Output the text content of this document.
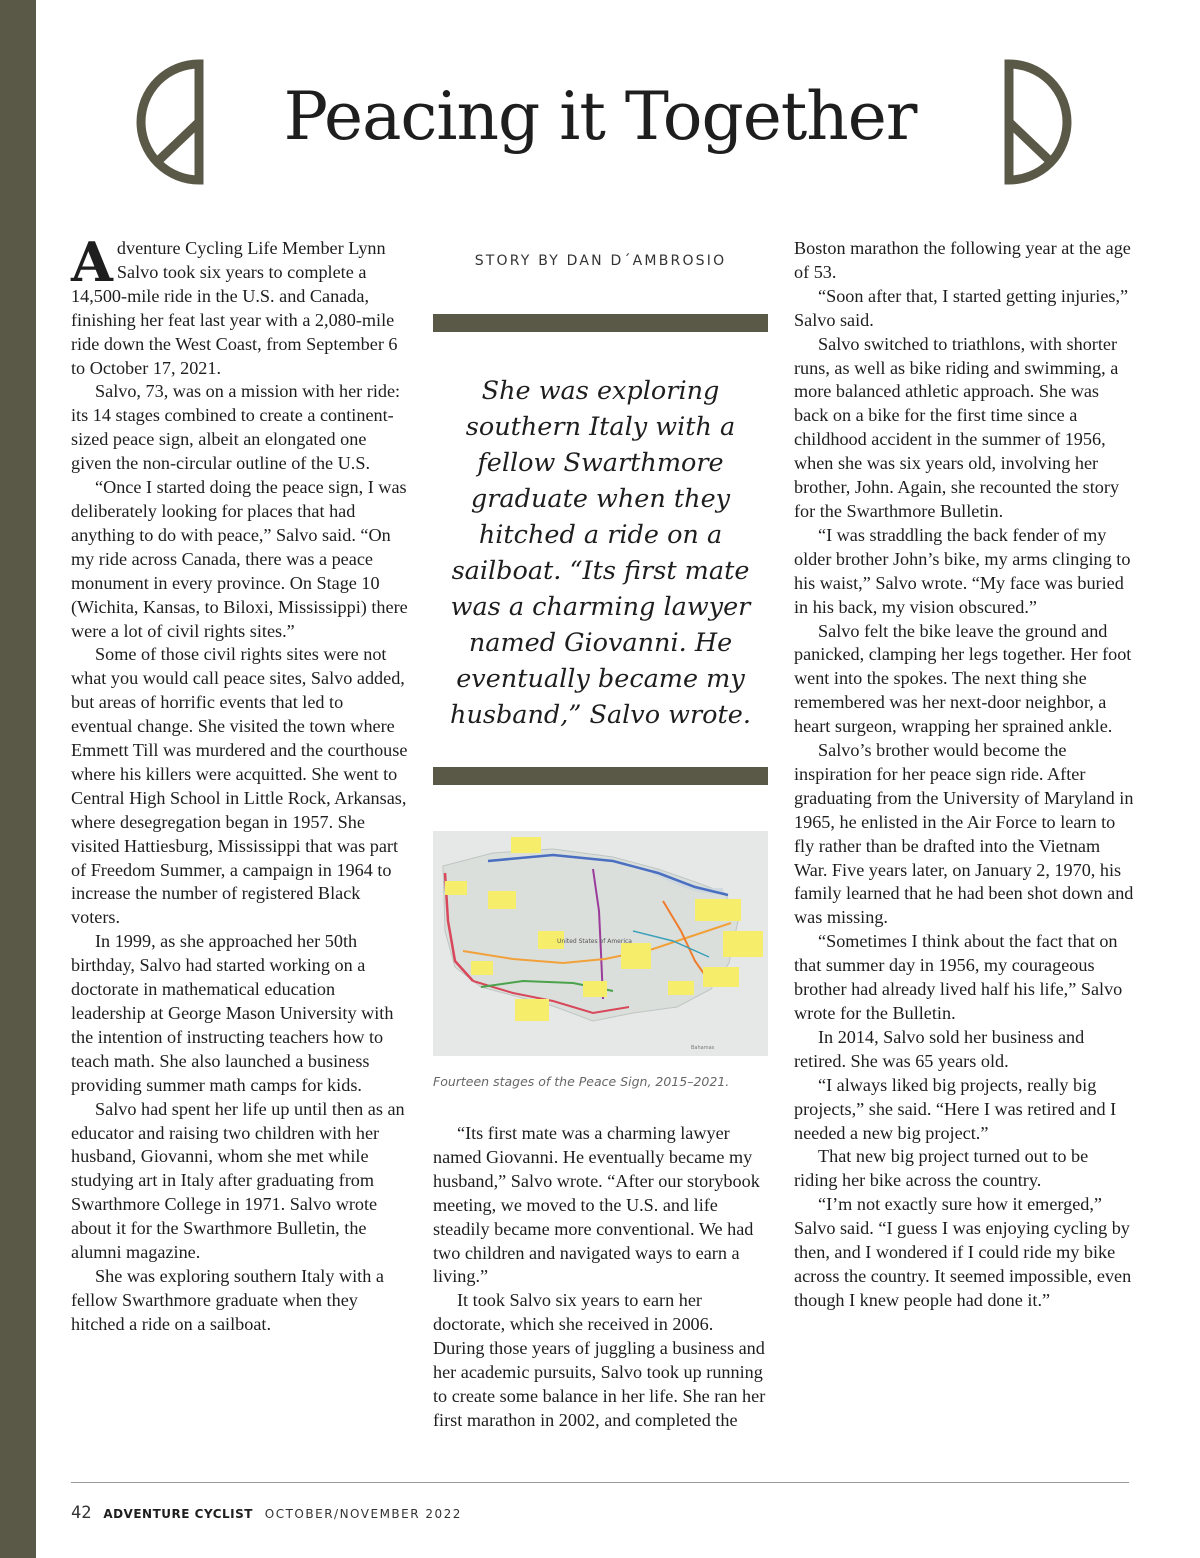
Peacing it Together

Adventure Cycling Life Member Lynn Salvo took six years to complete a 14,500-mile ride in the U.S. and Canada, finishing her feat last year with a 2,080-mile ride down the West Coast, from September 6 to October 17, 2021.

Salvo, 73, was on a mission with her ride: its 14 stages combined to create a continent-sized peace sign, albeit an elongated one given the non-circular outline of the U.S.

“Once I started doing the peace sign, I was deliberately looking for places that had anything to do with peace,” Salvo said. “On my ride across Canada, there was a peace monument in every province. On Stage 10 (Wichita, Kansas, to Biloxi, Mississippi) there were a lot of civil rights sites.”

Some of those civil rights sites were not what you would call peace sites, Salvo added, but areas of horrific events that led to eventual change. She visited the town where Emmett Till was murdered and the courthouse where his killers were acquitted. She went to Central High School in Little Rock, Arkansas, where desegregation began in 1957. She visited Hattiesburg, Mississippi that was part of Freedom Summer, a campaign in 1964 to increase the number of registered Black voters.

In 1999, as she approached her 50th birthday, Salvo had started working on a doctorate in mathematical education leadership at George Mason University with the intention of instructing teachers how to teach math. She also launched a business providing summer math camps for kids.

Salvo had spent her life up until then as an educator and raising two children with her husband, Giovanni, whom she met while studying art in Italy after graduating from Swarthmore College in 1971. Salvo wrote about it for the Swarthmore Bulletin, the alumni magazine.

She was exploring southern Italy with a fellow Swarthmore graduate when they hitched a ride on a sailboat.

STORY BY DAN D´AMBROSIO
She was exploring southern Italy with a fellow Swarthmore graduate when they hitched a ride on a sailboat. “Its first mate was a charming lawyer named Giovanni. He eventually became my husband,” Salvo wrote.
United States of America
Bahamas
Fourteen stages of the Peace Sign, 2015–2021.

“Its first mate was a charming lawyer named Giovanni. He eventually became my husband,” Salvo wrote. “After our storybook meeting, we moved to the U.S. and life steadily became more conventional. We had two children and navigated ways to earn a living.”

It took Salvo six years to earn her doctorate, which she received in 2006. During those years of juggling a business and her academic pursuits, Salvo took up running to create some balance in her life. She ran her first marathon in 2002, and completed the

Boston marathon the following year at the age of 53.

“Soon after that, I started getting injuries,” Salvo said.

Salvo switched to triathlons, with shorter runs, as well as bike riding and swimming, a more balanced athletic approach. She was back on a bike for the first time since a childhood accident in the summer of 1956, when she was six years old, involving her brother, John. Again, she recounted the story for the Swarthmore Bulletin.

“I was straddling the back fender of my older brother John’s bike, my arms clinging to his waist,” Salvo wrote. “My face was buried in his back, my vision obscured.”

Salvo felt the bike leave the ground and panicked, clamping her legs together. Her foot went into the spokes. The next thing she remembered was her next-door neighbor, a heart surgeon, wrapping her sprained ankle.

Salvo’s brother would become the inspiration for her peace sign ride. After graduating from the University of Maryland in 1965, he enlisted in the Air Force to learn to fly rather than be drafted into the Vietnam War. Five years later, on January 2, 1970, his family learned that he had been shot down and was missing.

“Sometimes I think about the fact that on that summer day in 1956, my courageous brother had already lived half his life,” Salvo wrote for the Bulletin.

In 2014, Salvo sold her business and retired. She was 65 years old.

“I always liked big projects, really big projects,” she said. “Here I was retired and I needed a new big project.”

That new big project turned out to be riding her bike across the country.

“I’m not exactly sure how it emerged,” Salvo said. “I guess I was enjoying cycling by then, and I wondered if I could ride my bike across the country. It seemed impossible, even though I knew people had done it.”

42 ADVENTURE CYCLIST OCTOBER/NOVEMBER 2022
